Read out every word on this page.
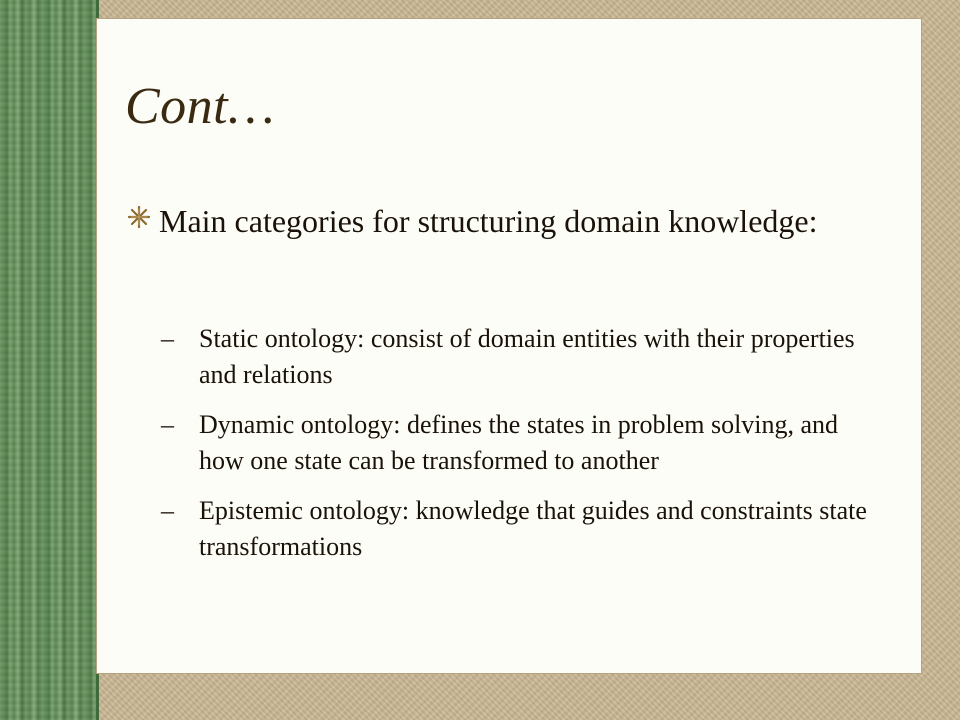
Cont…
Main categories for structuring domain knowledge:
– Static ontology: consist of domain entities with their properties and relations
– Dynamic ontology: defines the states in problem solving, and how one state can be transformed to another
– Epistemic ontology: knowledge that guides and constraints state transformations
